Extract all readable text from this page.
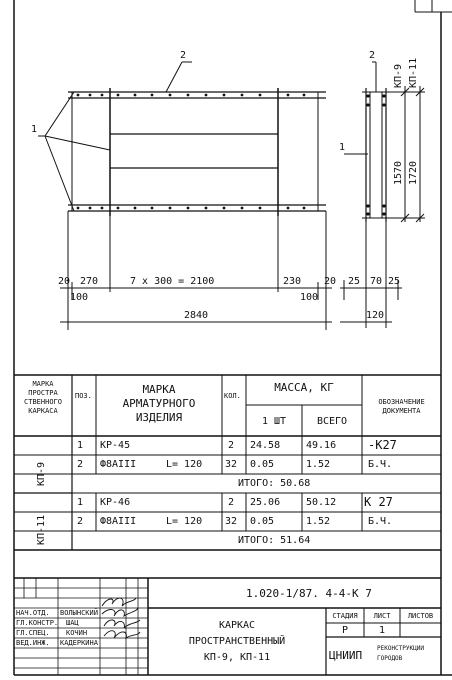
2
1
2
1
КП-9 КП-11
1570 1720
20 270	7 x 300 = 2100	230 20 25 70 25
100	100
2840	120
МАРКА
ПРОСТРА
СТВЕННОГО
КАРКАСА
ПОЗ.	МАРКА
АРМАТУРНОГО
ИЗДЕЛИЯ
КОЛ.
МАССА, КГ
1 ШТ	ВСЕГО
ОБОЗНАЧЕНИЕ
ДОКУМЕНТА
КП-9
КП-11
1 КР-45	2 24.58	49.16	-К27
2 Ф8АIII	L= 120 32 0.05	1.52	Б.Ч.
ИТОГО: 50.68
1 КР-46	2 25.06	50.12 К 27
2 Ф8АIII	L= 120 32 0.05	1.52	Б.Ч.
ИТОГО: 51.64
НАЧ.ОТД.
ГЛ.КОНСТР.
ГЛ.СПЕЦ.
ВЕД.ИНЖ.
ВОЛЫНСКИЙ
ШАЦ
КОЧИН
КАДЕРКИНА
1.020-1/87. 4-4-К 7
КАРКАС
ПРОСТРАНСТВЕННЫЙ
КП-9, КП-11
СТАДИЯ	ЛИСТ	ЛИСТОВ
Р	1
ЦНИИП
РЕКОНСТРУКЦИИ
ГОРОДОВ
